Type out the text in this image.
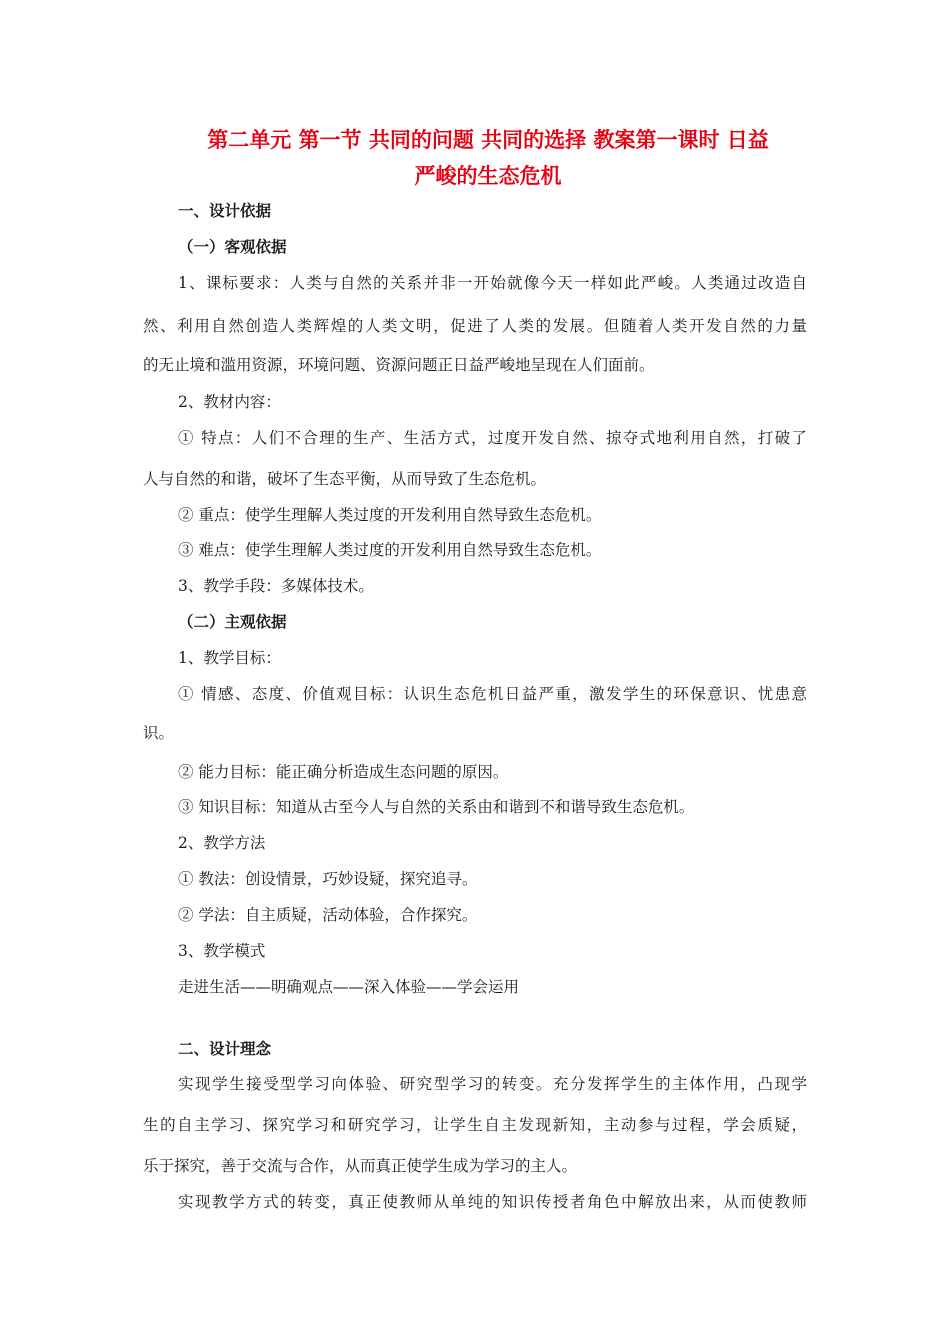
第二单元 第一节 共同的问题 共同的选择 教案第一课时 日益
严峻的生态危机
一、设计依据
（一）客观依据
1、课标要求：人类与自然的关系并非一开始就像今天一样如此严峻。人类通过改造自
然、利用自然创造人类辉煌的人类文明，促进了人类的发展。但随着人类开发自然的力量
的无止境和滥用资源，环境问题、资源问题正日益严峻地呈现在人们面前。
2、教材内容：
① 特点：人们不合理的生产、生活方式，过度开发自然、掠夺式地利用自然，打破了
人与自然的和谐，破坏了生态平衡，从而导致了生态危机。
② 重点：使学生理解人类过度的开发利用自然导致生态危机。
③ 难点：使学生理解人类过度的开发利用自然导致生态危机。
3、教学手段：多媒体技术。
（二）主观依据
1、教学目标：
① 情感、态度、价值观目标：认识生态危机日益严重，激发学生的环保意识、忧患意
识。
② 能力目标：能正确分析造成生态问题的原因。
③ 知识目标：知道从古至今人与自然的关系由和谐到不和谐导致生态危机。
2、教学方法
① 教法：创设情景，巧妙设疑，探究追寻。
② 学法：自主质疑，活动体验，合作探究。
3、教学模式
走进生活——明确观点——深入体验——学会运用
二、设计理念
实现学生接受型学习向体验、研究型学习的转变。充分发挥学生的主体作用，凸现学
生的自主学习、探究学习和研究学习，让学生自主发现新知，主动参与过程，学会质疑，
乐于探究，善于交流与合作，从而真正使学生成为学习的主人。
实现教学方式的转变，真正使教师从单纯的知识传授者角色中解放出来，从而使教师
